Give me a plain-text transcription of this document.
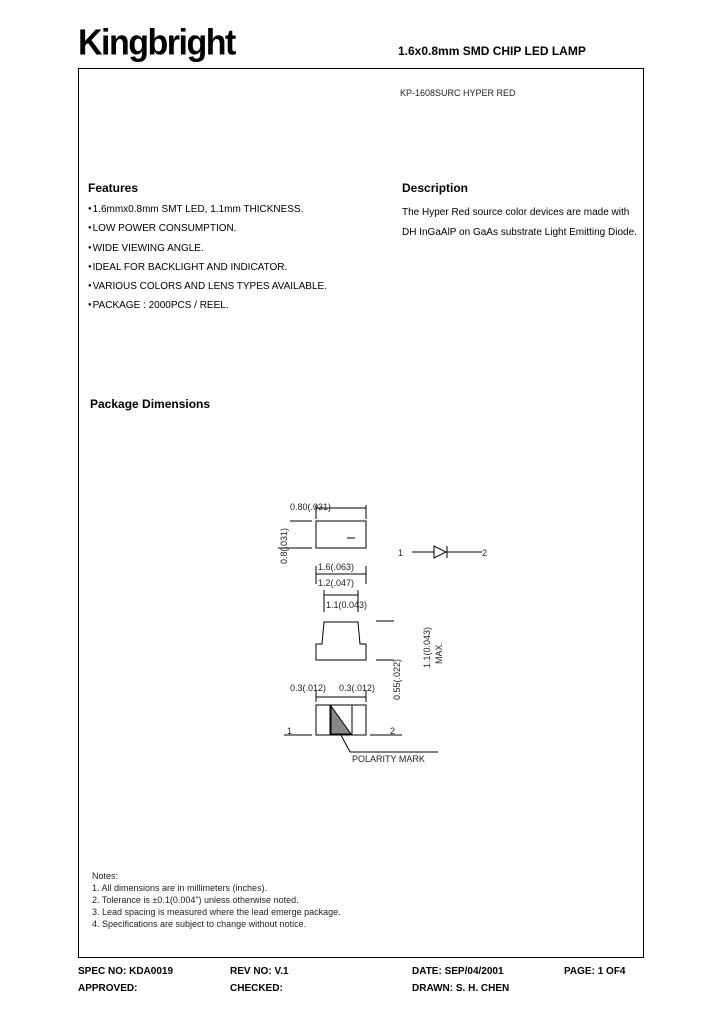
Kingbright	1.6x0.8mm SMD CHIP LED LAMP
KP-1608SURC HYPER RED
Features
● 1.6mmx0.8mm SMT LED, 1.1mm THICKNESS.
● LOW POWER CONSUMPTION.
● WIDE VIEWING ANGLE.
● IDEAL FOR BACKLIGHT AND INDICATOR.
● VARIOUS COLORS AND LENS TYPES AVAILABLE.
● PACKAGE : 2000PCS / REEL.
Description
The Hyper Red source color devices are made with DH InGaAlP on GaAs substrate Light Emitting Diode.
Package Dimensions
0.80(.031)
0.8(.031)
1.6(.063)
1.2(.047)
1.1(0.043)
1.1(0.043) MAX.
0.3(.012) 0.3(.012) 0.55(.022)
1	2
POLARITY MARK
1	2
Notes:
1. All dimensions are in millimeters (inches).
2. Tolerance is ±0.1(0.004") unless otherwise noted.
3. Lead spacing is measured where the lead emerge package.
4. Specifications are subject to change without notice.
SPEC NO: KDA0019	REV NO: V.1	DATE: SEP/04/2001	PAGE: 1 OF4
APPROVED:	CHECKED:	DRAWN: S. H. CHEN
